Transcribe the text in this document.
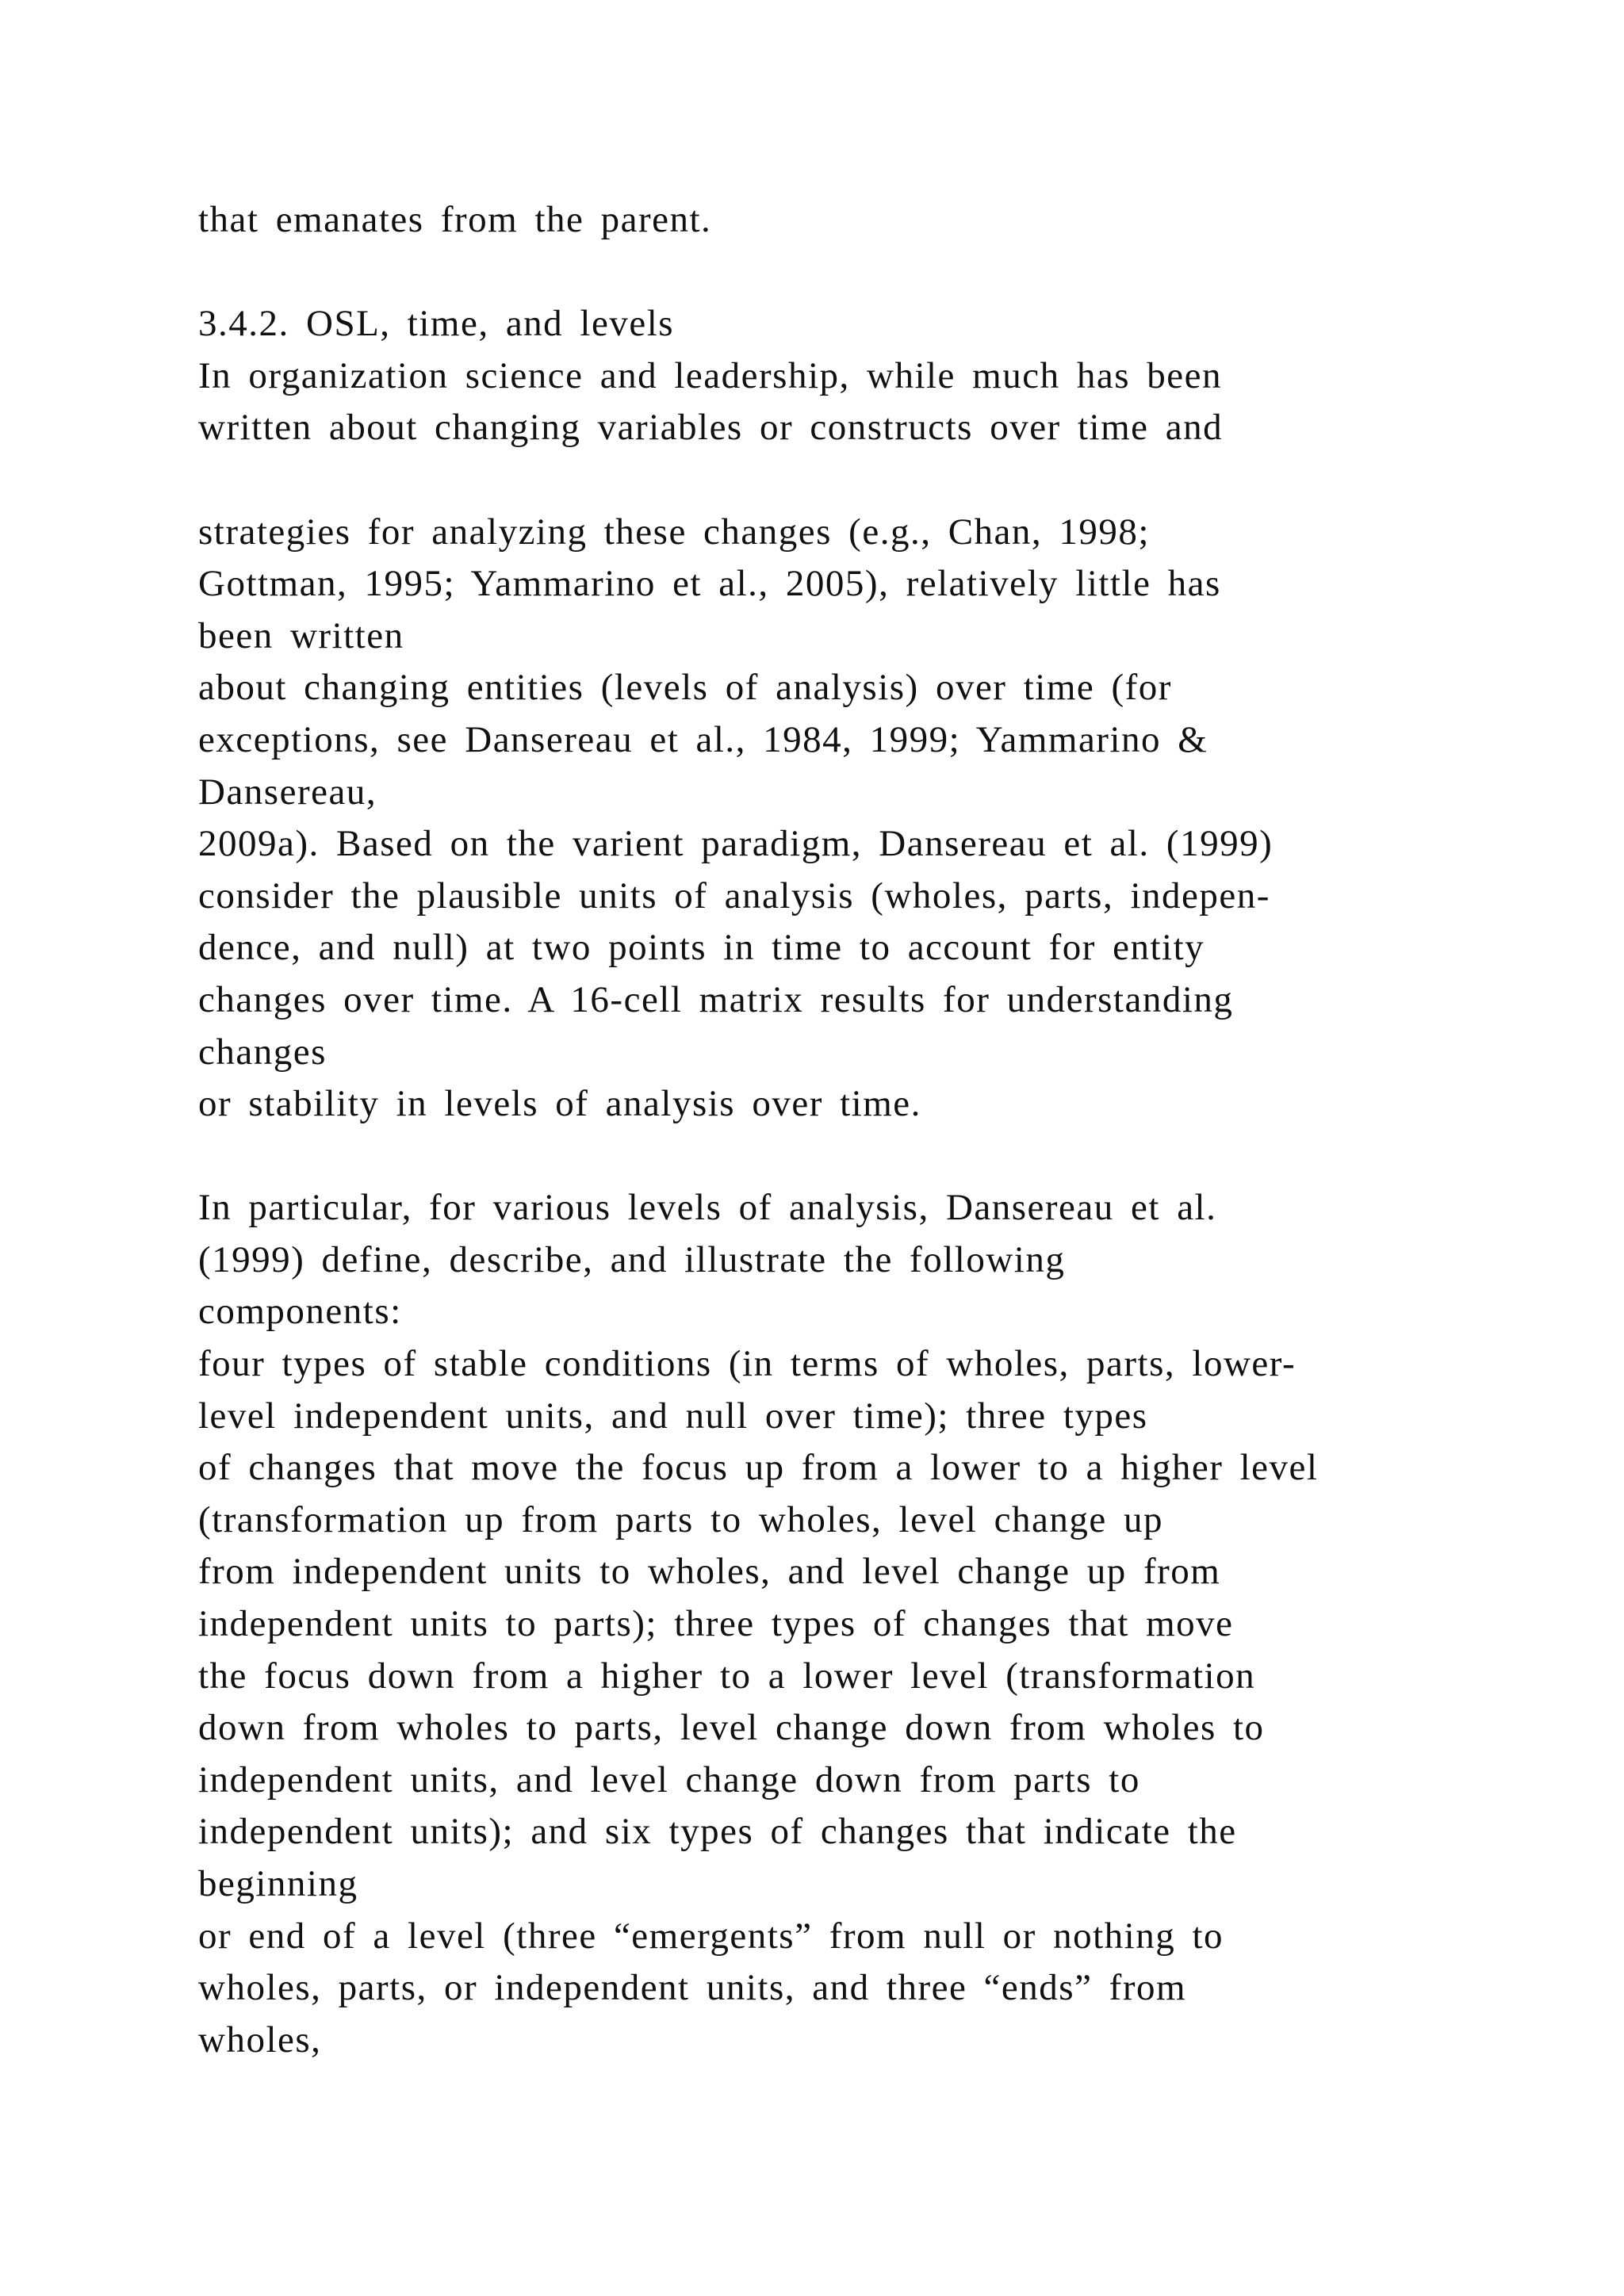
that emanates from the parent.
3.4.2. OSL, time, and levels
In organization science and leadership, while much has been
written about changing variables or constructs over time and
strategies for analyzing these changes (e.g., Chan, 1998;
Gottman, 1995; Yammarino et al., 2005), relatively little has
been written
about changing entities (levels of analysis) over time (for
exceptions, see Dansereau et al., 1984, 1999; Yammarino &
Dansereau,
2009a). Based on the varient paradigm, Dansereau et al. (1999)
consider the plausible units of analysis (wholes, parts, indepen-
dence, and null) at two points in time to account for entity
changes over time. A 16-cell matrix results for understanding
changes
or stability in levels of analysis over time.
In particular, for various levels of analysis, Dansereau et al.
(1999) define, describe, and illustrate the following
components:
four types of stable conditions (in terms of wholes, parts, lower-
level independent units, and null over time); three types
of changes that move the focus up from a lower to a higher level
(transformation up from parts to wholes, level change up
from independent units to wholes, and level change up from
independent units to parts); three types of changes that move
the focus down from a higher to a lower level (transformation
down from wholes to parts, level change down from wholes to
independent units, and level change down from parts to
independent units); and six types of changes that indicate the
beginning
or end of a level (three “emergents” from null or nothing to
wholes, parts, or independent units, and three “ends” from
wholes,
